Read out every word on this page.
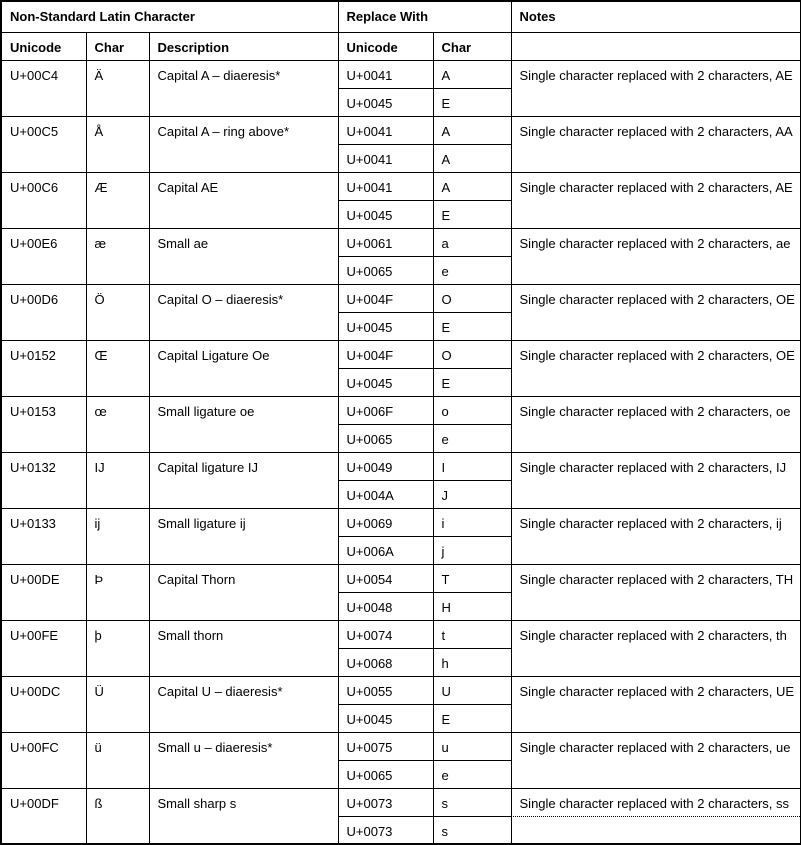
Non-Standard Latin Character			Replace With		Notes
Unicode	Char	Description	Unicode	Char	
U+00C4	Ä	Capital A – diaeresis*	U+0041	A	Single character replaced with 2 characters, AE
			U+0045	E	
U+00C5	Å	Capital A – ring above*	U+0041	A	Single character replaced with 2 characters, AA
			U+0041	A	
U+00C6	Æ	Capital AE	U+0041	A	Single character replaced with 2 characters, AE
			U+0045	E	
U+00E6	æ	Small ae	U+0061	a	Single character replaced with 2 characters, ae
			U+0065	e	
U+00D6	Ö	Capital O – diaeresis*	U+004F	O	Single character replaced with 2 characters, OE
			U+0045	E	
U+0152	Œ	Capital Ligature Oe	U+004F	O	Single character replaced with 2 characters, OE
			U+0045	E	
U+0153	œ	Small ligature oe	U+006F	o	Single character replaced with 2 characters, oe
			U+0065	e	
U+0132	IJ	Capital ligature IJ	U+0049	I	Single character replaced with 2 characters, IJ
			U+004A	J	
U+0133	ij	Small ligature ij	U+0069	i	Single character replaced with 2 characters, ij
			U+006A	j	
U+00DE	Þ	Capital Thorn	U+0054	T	Single character replaced with 2 characters, TH
			U+0048	H	
U+00FE	þ	Small thorn	U+0074	t	Single character replaced with 2 characters, th
			U+0068	h	
U+00DC	Ü	Capital U – diaeresis*	U+0055	U	Single character replaced with 2 characters, UE
			U+0045	E	
U+00FC	ü	Small u – diaeresis*	U+0075	u	Single character replaced with 2 characters, ue
			U+0065	e	
U+00DF	ß	Small sharp s	U+0073	s	Single character replaced with 2 characters, ss

			U+0073	s	
